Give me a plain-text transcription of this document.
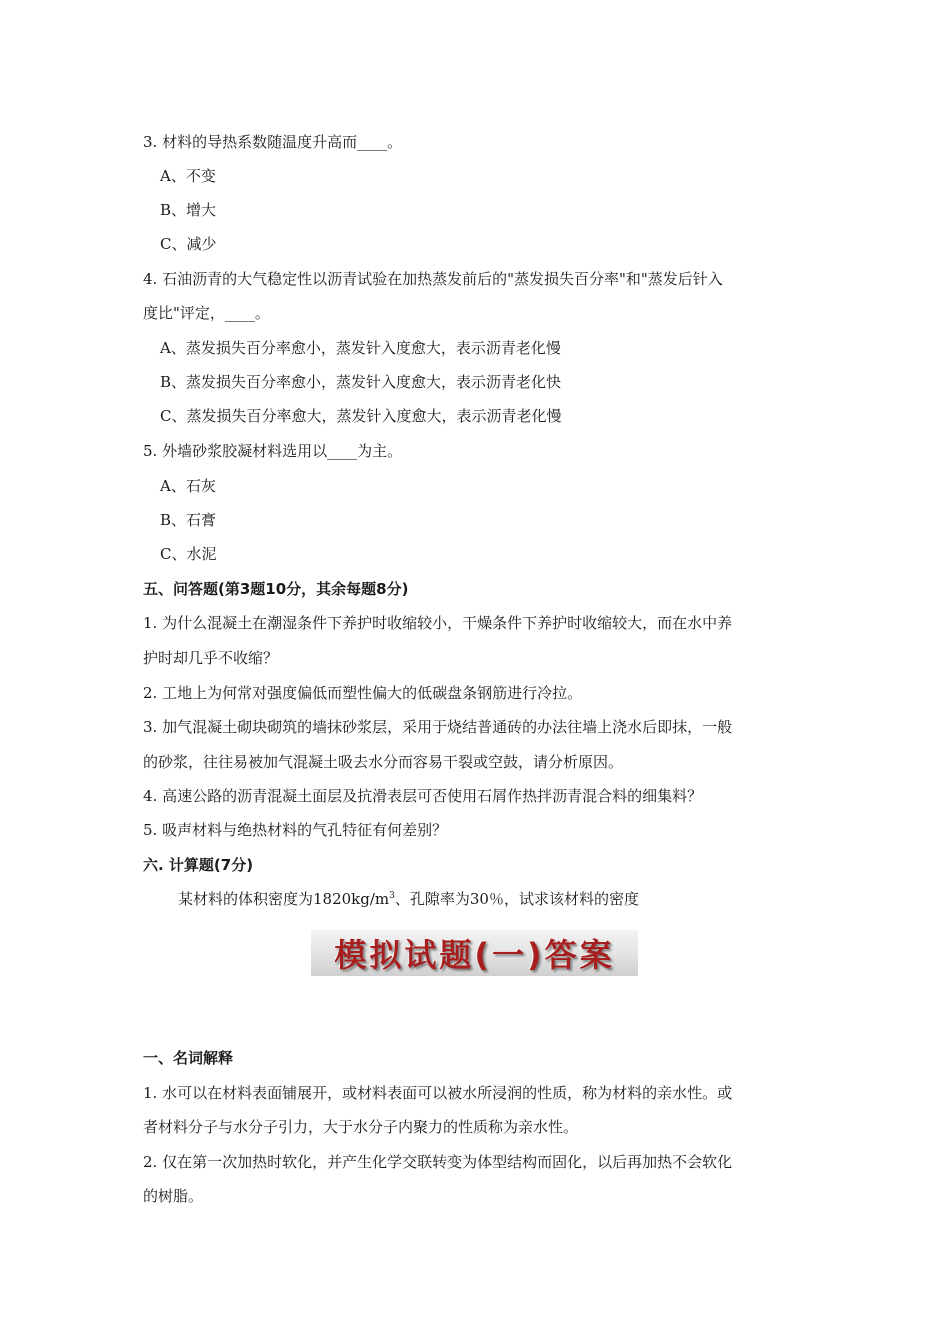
3. 材料的导热系数随温度升高而____。
A、不变
B、增大
C、减少
4. 石油沥青的大气稳定性以沥青试验在加热蒸发前后的"蒸发损失百分率"和"蒸发后针入
度比"评定，____。
A、蒸发损失百分率愈小，蒸发针入度愈大，表示沥青老化慢
B、蒸发损失百分率愈小，蒸发针入度愈大，表示沥青老化快
C、蒸发损失百分率愈大，蒸发针入度愈大，表示沥青老化慢
5. 外墙砂浆胶凝材料选用以____为主。
A、石灰
B、石膏
C、水泥
五、问答题(第3题10分，其余每题8分)
1. 为什么混凝土在潮湿条件下养护时收缩较小，干燥条件下养护时收缩较大，而在水中养
护时却几乎不收缩？
2. 工地上为何常对强度偏低而塑性偏大的低碳盘条钢筋进行冷拉。
3. 加气混凝土砌块砌筑的墙抹砂浆层，采用于烧结普通砖的办法往墙上浇水后即抹，一般
的砂浆，往往易被加气混凝土吸去水分而容易干裂或空鼓，请分析原因。
4. 高速公路的沥青混凝土面层及抗滑表层可否使用石屑作热拌沥青混合料的细集料？
5. 吸声材料与绝热材料的气孔特征有何差别？
六. 计算题(7分)
某材料的体积密度为$1820kg/m^3$、孔隙率为30％，试求该材料的密度
模拟试题(一)答案
一、名词解释
1. 水可以在材料表面铺展开，或材料表面可以被水所浸润的性质，称为材料的亲水性。或
者材料分子与水分子引力，大于水分子内聚力的性质称为亲水性。
2. 仅在第一次加热时软化，并产生化学交联转变为体型结构而固化，以后再加热不会软化
的树脂。
